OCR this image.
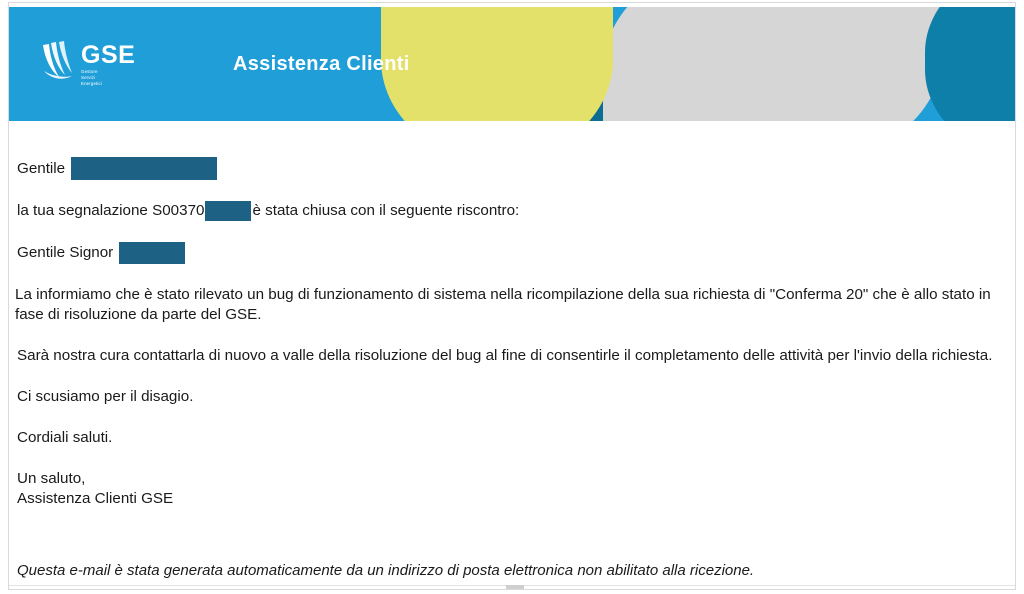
GSE
Gestore
Servizi
Energetici
Assistenza Clienti
Gentile
la tua segnalazione S00370	è stata chiusa con il seguente riscontro:
Gentile Signor
La informiamo che è stato rilevato un bug di funzionamento di sistema nella ricompilazione della sua richiesta di "Conferma 20" che è allo stato in fase di risoluzione da parte del GSE.
Sarà nostra cura contattarla di nuovo a valle della risoluzione del bug al fine di consentirle il completamento delle attività per l'invio della richiesta.
Ci scusiamo per il disagio.
Cordiali saluti.
Un saluto,
Assistenza Clienti GSE
Questa e-mail è stata generata automaticamente da un indirizzo di posta elettronica non abilitato alla ricezione.
